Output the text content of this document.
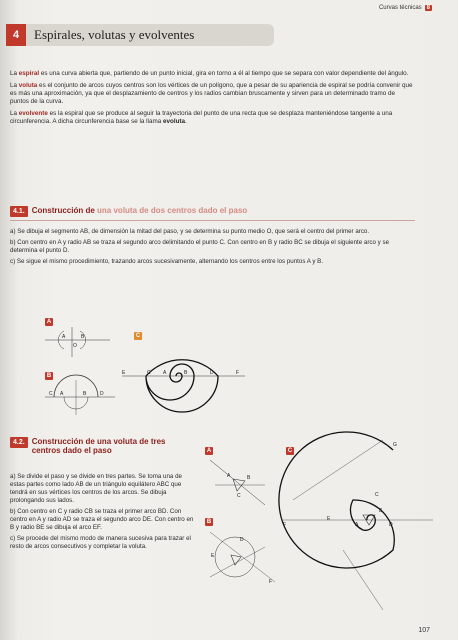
Curvas técnicas 8
4	Espirales, volutas y evolventes

La espiral es una curva abierta que, partiendo de un punto inicial, gira en torno a él al tiempo que se separa con valor dependiente del ángulo.

La voluta es el conjunto de arcos cuyos centros son los vértices de un polígono, que a pesar de su apariencia de espiral se podría convenir que es más una aproximación, ya que el desplazamiento de centros y los radios cambian bruscamente y sirven para un determinado tramo de puntos de la curva.

La evolvente es la espiral que se produce al seguir la trayectoria del punto de una recta que se desplaza manteniéndose tangente a una circunferencia. A dicha circunferencia base se la llama evoluta.

4.1. Construcción de una voluta de dos centros dado el paso

a) Se dibuja el segmento AB, de dimensión la mitad del paso, y se determina su punto medio O, que será el centro del primer arco.

b) Con centro en A y radio AB se traza el segundo arco delimitando el punto C. Con centro en B y radio BC se dibuja el siguiente arco y se determina el punto D.

c) Se sigue el mismo procedimiento, trazando arcos sucesivamente, alternando los centros entre los puntos A y B.

A
B
C
A	B
O
C A	B	D
E	C A	B	D	F
4.2. Construcción de una voluta de tres centros dado el paso

a) Se divide el paso y se divide en tres partes. Se toma una de estas partes como lado AB de un triángulo equilátero ABC que tendrá en sus vértices los centros de los arcos. Se dibuja prolongando sus lados.

b) Con centro en C y radio CB se traza el primer arco BD. Con centro en A y radio AD se traza el segundo arco DE. Con centro en B y radio BE se dibuja el arco EF.

c) Se procede del mismo modo de manera sucesiva para trazar el resto de arcos consecutivos y completar la voluta.

A
B
C
A	B
C
E
D
F
G
C
E
A
B
F	D
107
